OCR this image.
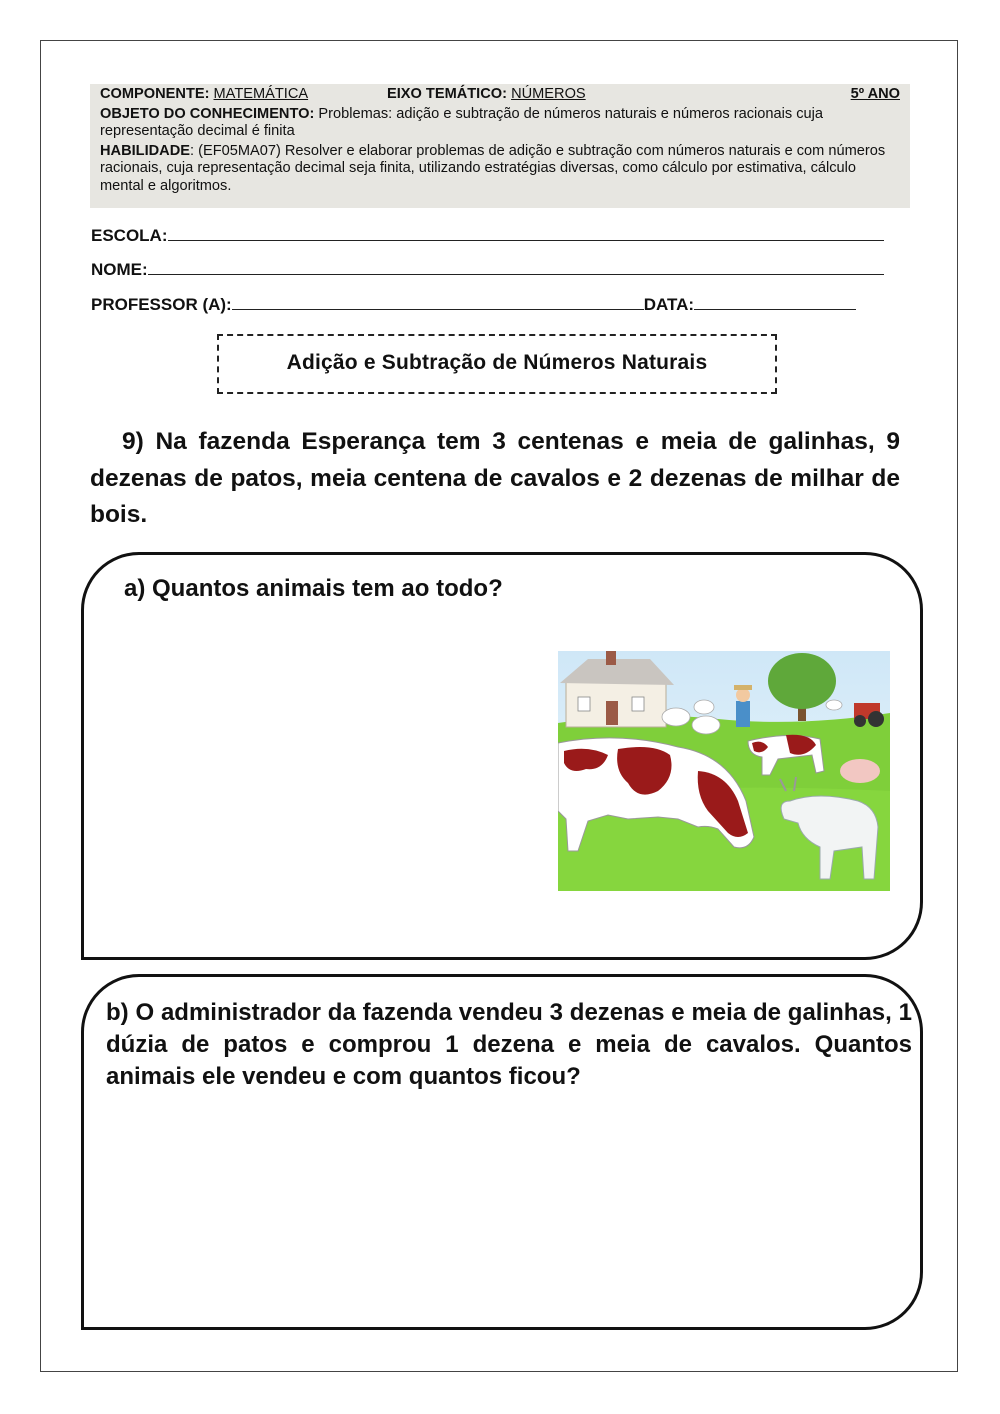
COMPONENTE: MATEMÁTICA	EIXO TEMÁTICO: NÚMEROS	5º ANO
OBJETO DO CONHECIMENTO: Problemas: adição e subtração de números naturais e números racionais cuja representação decimal é finita
HABILIDADE: (EF05MA07) Resolver e elaborar problemas de adição e subtração com números naturais e com números racionais, cuja representação decimal seja finita, utilizando estratégias diversas, como cálculo por estimativa, cálculo mental e algoritmos.
ESCOLA:
NOME:
PROFESSOR (A):	DATA:
Adição e Subtração de Números Naturais
9) Na fazenda Esperança tem 3 centenas e meia de galinhas, 9 dezenas de patos, meia centena de cavalos e 2 dezenas de milhar de bois.
a) Quantos animais tem ao todo?
b) O administrador da fazenda vendeu 3 dezenas e meia de galinhas, 1 dúzia de patos e comprou 1 dezena e meia de cavalos. Quantos animais ele vendeu e com quantos ficou?
